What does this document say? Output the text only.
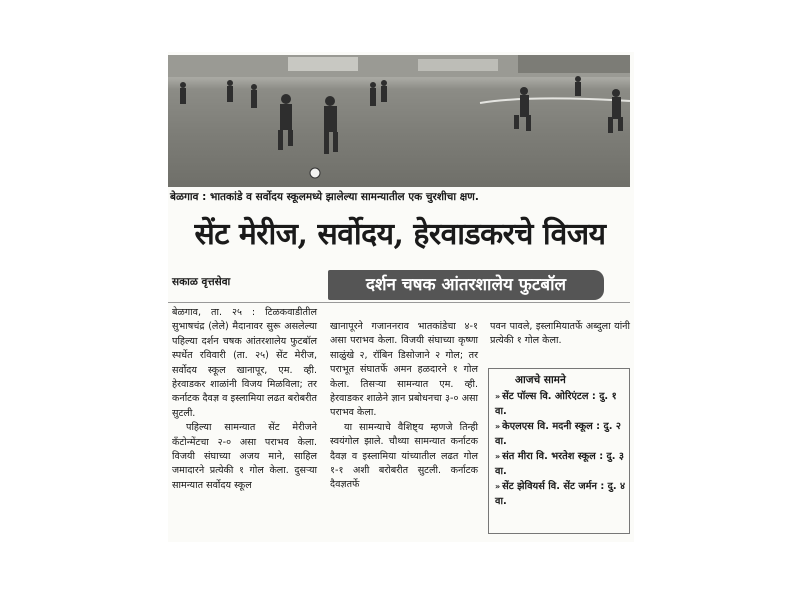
बेळगाव : भातकांडे व सर्वोदय स्कूलमध्ये झालेल्या सामन्यातील एक चुरशीचा क्षण.
सेंट मेरीज, सर्वोदय, हेरवाडकरचे विजय
सकाळ वृत्तसेवा	दर्शन चषक आंतरशालेय फुटबॉल

बेळगाव, ता. २५ : टिळकवाडीतील सुभाषचंद्र (लेले) मैदानावर सुरू असलेल्या पहिल्या दर्शन चषक आंतरशालेय फुटबॉल स्पर्धेत रविवारी (ता. २५) सेंट मेरीज, सर्वोदय स्कूल खानापूर, एम. व्ही. हेरवाडकर शाळांनी विजय मिळविला; तर कर्नाटक दैवज्ञ व इस्लामिया लढत बरोबरीत सुटली.

पहिल्या सामन्यात सेंट मेरीजने कॅंटोन्मेंटचा २-० असा पराभव केला. विजयी संघाच्या अजय माने, साहिल जमादारने प्रत्येकी १ गोल केला. दुसऱ्या सामन्यात सर्वोदय स्कूल

खानापूरने गजाननराव भातकांडेचा ४-१ असा पराभव केला. विजयी संघाच्या कृष्णा साळुंखे २, रॉबिन डिसोजाने २ गोल; तर पराभूत संघातर्फे अमन हळदारने १ गोल केला. तिसऱ्या सामन्यात एम. व्ही. हेरवाडकर शाळेने ज्ञान प्रबोधनचा ३-० असा पराभव केला.

या सामन्याचे वैशिष्ट्य म्हणजे तिन्ही स्वयंगोल झाले. चौथ्या सामन्यात कर्नाटक दैवज्ञ व इस्लामिया यांच्यातील लढत गोल १-१ अशी बरोबरीत सुटली. कर्नाटक दैवज्ञतर्फे

पवन पावले, इस्लामियातर्फे अब्दुला यांनी प्रत्येकी १ गोल केला.

आजचे सामने
» सेंट पॉल्स वि. ओरिएंटल : दु. १ वा.
» केएलएस वि. मदनी स्कूल : दु. २ वा.
» संत मीरा वि. भरतेश स्कूल : दु. ३ वा.
» सेंट झेवियर्स वि. सेंट जर्मन : दु. ४ वा.
